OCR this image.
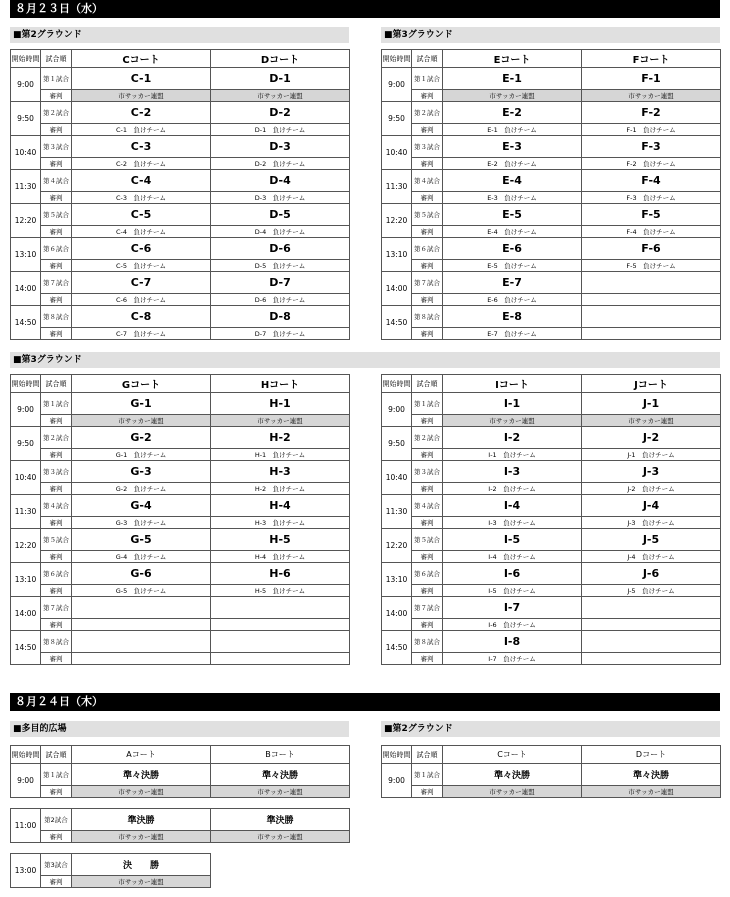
８月２３日（水）
■第2グラウンド	■第3グラウンド
開始時間	試合順	Cコート	Dコート
9:00	第１試合	C-1	D-1
	審判	市サッカー連盟	市サッカー連盟
9:50	第２試合	C-2	D-2
	審判	C-1　負けチーム	D-1　負けチーム
10:40	第３試合	C-3	D-3
	審判	C-2　負けチーム	D-2　負けチーム
11:30	第４試合	C-4	D-4
	審判	C-3　負けチーム	D-3　負けチーム
12:20	第５試合	C-5	D-5
	審判	C-4　負けチーム	D-4　負けチーム
13:10	第６試合	C-6	D-6
	審判	C-5　負けチーム	D-5　負けチーム
14:00	第７試合	C-7	D-7
	審判	C-6　負けチーム	D-6　負けチーム
14:50	第８試合	C-8	D-8
	審判	C-7　負けチーム	D-7　負けチーム
開始時間	試合順	Eコート	Fコート
9:00	第１試合	E-1	F-1
	審判	市サッカー連盟	市サッカー連盟
9:50	第２試合	E-2	F-2
	審判	E-1　負けチーム	F-1　負けチーム
10:40	第３試合	E-3	F-3
	審判	E-2　負けチーム	F-2　負けチーム
11:30	第４試合	E-4	F-4
	審判	E-3　負けチーム	F-3　負けチーム
12:20	第５試合	E-5	F-5
	審判	E-4　負けチーム	F-4　負けチーム
13:10	第６試合	E-6	F-6
	審判	E-5　負けチーム	F-5　負けチーム
14:00	第７試合	E-7	
	審判	E-6　負けチーム	
14:50	第８試合	E-8	
	審判	E-7　負けチーム	
■第3グラウンド
開始時間	試合順	Gコート	Hコート
9:00	第１試合	G-1	H-1
	審判	市サッカー連盟	市サッカー連盟
9:50	第２試合	G-2	H-2
	審判	G-1　負けチーム	H-1　負けチーム
10:40	第３試合	G-3	H-3
	審判	G-2　負けチーム	H-2　負けチーム
11:30	第４試合	G-4	H-4
	審判	G-3　負けチーム	H-3　負けチーム
12:20	第５試合	G-5	H-5
	審判	G-4　負けチーム	H-4　負けチーム
13:10	第６試合	G-6	H-6
	審判	G-5　負けチーム	H-5　負けチーム
14:00	第７試合		
	審判		
14:50	第８試合		
	審判		
開始時間	試合順	Iコート	Jコート
9:00	第１試合	I-1	J-1
	審判	市サッカー連盟	市サッカー連盟
9:50	第２試合	I-2	J-2
	審判	I-1　負けチーム	J-1　負けチーム
10:40	第３試合	I-3	J-3
	審判	I-2　負けチーム	J-2　負けチーム
11:30	第４試合	I-4	J-4
	審判	I-3　負けチーム	J-3　負けチーム
12:20	第５試合	I-5	J-5
	審判	I-4　負けチーム	J-4　負けチーム
13:10	第６試合	I-6	J-6
	審判	I-5　負けチーム	J-5　負けチーム
14:00	第７試合	I-7	
	審判	I-6　負けチーム	
14:50	第８試合	I-8	
	審判	I-7　負けチーム	
８月２４日（木）
■多目的広場	■第2グラウンド
開始時間	試合順	Aコート	Bコート
9:00	第１試合	準々決勝	準々決勝
	審判	市サッカー連盟	市サッカー連盟
開始時間	試合順	Cコート	Dコート
9:00	第１試合	準々決勝	準々決勝
	審判	市サッカー連盟	市サッカー連盟
11:00	第2試合	準決勝	準決勝
	審判	市サッカー連盟	市サッカー連盟
13:00	第3試合	決　　勝
	審判	市サッカー連盟
